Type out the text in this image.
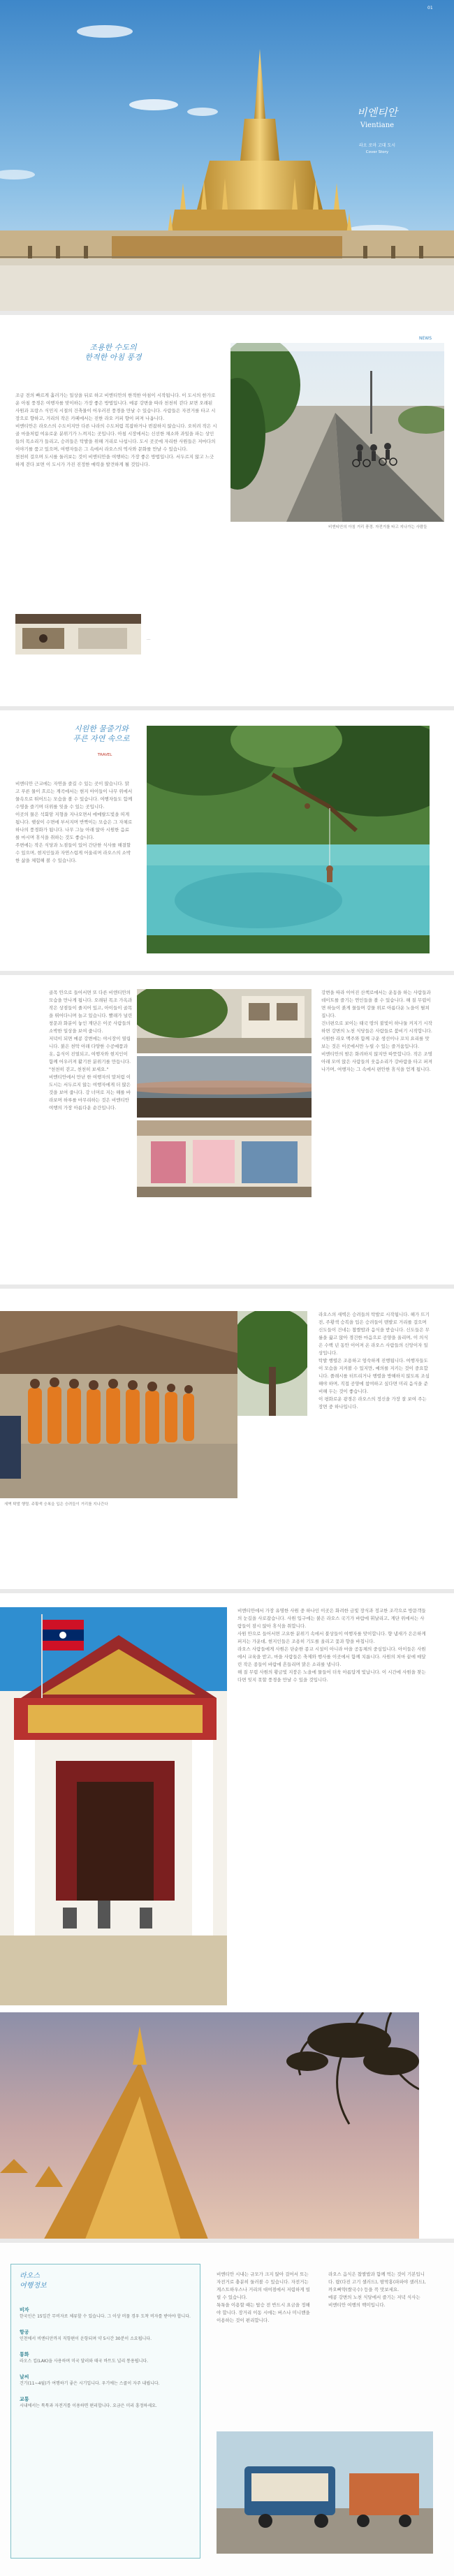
비엔티안
Vientiane
라오 로마 고대 도시
Cover Story
01
조용한 수도의
한적한 아침 풍경
조금 전의 빠르게 흘러가는 일상을 뒤로 하고 비엔티안의 한적한 아침이 시작됩니다. 이 도시의 한가로운 아침 풍경은 여행자를 맞이하는 가장 좋은 방법입니다. 메콩 강변을 따라 천천히 걷다 보면 오래된 사원과 프랑스 식민지 시절의 건축물이 어우러진 풍경을 만날 수 있습니다. 사람들은 자전거를 타고 시장으로 향하고, 거리의 작은 카페에서는 진한 라오 커피 향이 퍼져 나옵니다.
비엔티안은 라오스의 수도이지만 다른 나라의 수도처럼 복잡하거나 번잡하지 않습니다. 오히려 작은 시골 마을처럼 여유로운 분위기가 느껴지는 곳입니다. 아침 시장에서는 신선한 채소와 과일을 파는 상인들의 목소리가 들리고, 승려들은 탁발을 위해 거리로 나섭니다. 도시 곳곳에 자리한 사원들은 저마다의 이야기를 품고 있으며, 여행자들은 그 속에서 라오스의 역사와 문화를 만날 수 있습니다.
천천히 걸으며 도시를 둘러보는 것이 비엔티안을 여행하는 가장 좋은 방법입니다. 서두르지 않고 느긋하게 걷다 보면 이 도시가 가진 진정한 매력을 발견하게 될 것입니다.
…
비엔티안의 아침 거리 풍경. 자전거를 타고 지나가는 사람들
NEWS
시원한 물줄기와
푸른 자연 속으로
TRAVEL
비엔티안 근교에는 자연을 즐길 수 있는 곳이 많습니다. 맑고 푸른 물이 흐르는 계곡에서는 현지 아이들이 나무 위에서 물속으로 뛰어드는 모습을 볼 수 있습니다. 여행자들도 함께 수영을 즐기며 더위를 잊을 수 있는 곳입니다.
이곳의 물은 석회암 지형을 지나오면서 에메랄드빛을 띠게 됩니다. 햇살이 수면에 부서지며 반짝이는 모습은 그 자체로 하나의 풍경화가 됩니다. 나무 그늘 아래 앉아 시원한 음료를 마시며 휴식을 취하는 것도 좋습니다.
주변에는 작은 식당과 노점들이 있어 간단한 식사를 해결할 수 있으며, 현지인들과 자연스럽게 어울리며 라오스의 소박한 삶을 체험해 볼 수 있습니다.
골목 안으로 들어서면 또 다른 비엔티안의 모습을 만나게 됩니다. 오래된 목조 가옥과 작은 상점들이 줄지어 있고, 아이들이 골목을 뛰어다니며 놀고 있습니다. 빨래가 널린 창문과 화분이 놓인 계단은 이곳 사람들의 소박한 일상을 보여 줍니다.
저녁이 되면 메콩 강변에는 야시장이 열립니다. 붉은 천막 아래 다양한 수공예품과 옷, 음식이 진열되고, 여행자와 현지인이 함께 어우러져 활기찬 분위기를 만듭니다.
"천천히 걷고, 천천히 보세요."
비엔티안에서 만난 한 여행자의 말처럼 이 도시는 서두르지 않는 여행자에게 더 많은 것을 보여 줍니다. 강 너머로 지는 해를 바라보며 하루를 마무리하는 것은 비엔티안 여행의 가장 아름다운 순간입니다.
강변을 따라 이어진 산책로에서는 운동을 하는 사람들과 데이트를 즐기는 연인들을 볼 수 있습니다. 해 질 무렵이면 하늘이 붉게 물들며 강물 위로 아름다운 노을이 펼쳐집니다.
건너편으로 보이는 태국 땅의 불빛이 하나둘 켜지기 시작하면 강변의 노천 식당들은 사람들로 붐비기 시작합니다. 시원한 라오 맥주와 함께 구운 생선이나 꼬치 요리를 맛보는 것은 이곳에서만 누릴 수 있는 즐거움입니다.
비엔티안의 밤은 화려하지 않지만 따뜻합니다. 작은 조명 아래 모여 앉은 사람들의 웃음소리가 강바람을 타고 퍼져 나가며, 여행자는 그 속에서 편안한 휴식을 얻게 됩니다.
새벽 탁발 행렬. 주황색 승복을 입은 승려들이 거리를 지나간다
라오스의 새벽은 승려들의 탁발로 시작됩니다. 해가 뜨기 전, 주황색 승복을 입은 승려들이 맨발로 거리를 걸으며 신도들이 건네는 찹쌀밥과 음식을 받습니다. 신도들은 무릎을 꿇고 앉아 경건한 마음으로 공양을 올리며, 이 의식은 수백 년 동안 이어져 온 라오스 사람들의 신앙이자 일상입니다.
탁발 행렬은 조용하고 엄숙하게 진행됩니다. 여행자들도 이 모습을 지켜볼 수 있지만, 예의를 지키는 것이 중요합니다. 플래시를 터뜨리거나 행렬을 방해하지 않도록 조심해야 하며, 직접 공양에 참여하고 싶다면 미리 음식을 준비해 두는 것이 좋습니다.
이 평화로운 광경은 라오스의 정신을 가장 잘 보여 주는 장면 중 하나입니다.
비엔티안에서 가장 유명한 사원 중 하나인 이곳은 화려한 금빛 장식과 정교한 조각으로 방문객들의 눈길을 사로잡습니다. 사원 입구에는 붉은 라오스 국기가 바람에 휘날리고, 계단 위에서는 사람들이 잠시 앉아 휴식을 취합니다.
사원 안으로 들어서면 고요한 분위기 속에서 불상들이 여행자를 맞이합니다. 향 냄새가 은은하게 퍼지는 가운데, 현지인들은 조용히 기도를 올리고 꽃과 향을 바칩니다.
라오스 사람들에게 사원은 단순한 종교 시설이 아니라 마을 공동체의 중심입니다. 아이들은 사원에서 교육을 받고, 마을 사람들은 축제와 행사를 이곳에서 함께 치릅니다. 사원의 처마 끝에 매달린 작은 종들이 바람에 흔들리며 맑은 소리를 냅니다.
해 질 무렵 사원의 황금빛 지붕은 노을에 물들어 더욱 아름답게 빛납니다. 이 시간에 사원을 찾는다면 잊지 못할 풍경을 만날 수 있을 것입니다.
라오스
여행정보
비자
한국인은 15일간 무비자로 체류할 수 있습니다. 그 이상 머물 경우 도착 비자를 받아야 합니다.
항공
인천에서 비엔티안까지 직항편이 운항되며 약 5시간 30분이 소요됩니다.
통화
라오스 킵(LAK)을 사용하며 미국 달러와 태국 바트도 널리 통용됩니다.
날씨
건기(11~4월)가 여행하기 좋은 시기입니다. 우기에는 스콜이 자주 내립니다.
교통
시내에서는 툭툭과 자전거를 이용하면 편리합니다. 요금은 미리 흥정하세요.
비엔티안 시내는 규모가 크지 않아 걸어서 또는 자전거로 충분히 둘러볼 수 있습니다. 자전거는 게스트하우스나 거리의 대여점에서 저렴하게 빌릴 수 있습니다.
툭툭을 이용할 때는 탑승 전 반드시 요금을 정해야 합니다. 장거리 이동 시에는 버스나 미니밴을 이용하는 것이 편리합니다.
라오스 음식은 찹쌀밥과 함께 먹는 것이 기본입니다. 랍(다진 고기 샐러드), 땀막홍(파파야 샐러드), 까오삐약(쌀국수) 등을 꼭 맛보세요.
메콩 강변의 노천 식당에서 즐기는 저녁 식사는 비엔티안 여행의 백미입니다.
